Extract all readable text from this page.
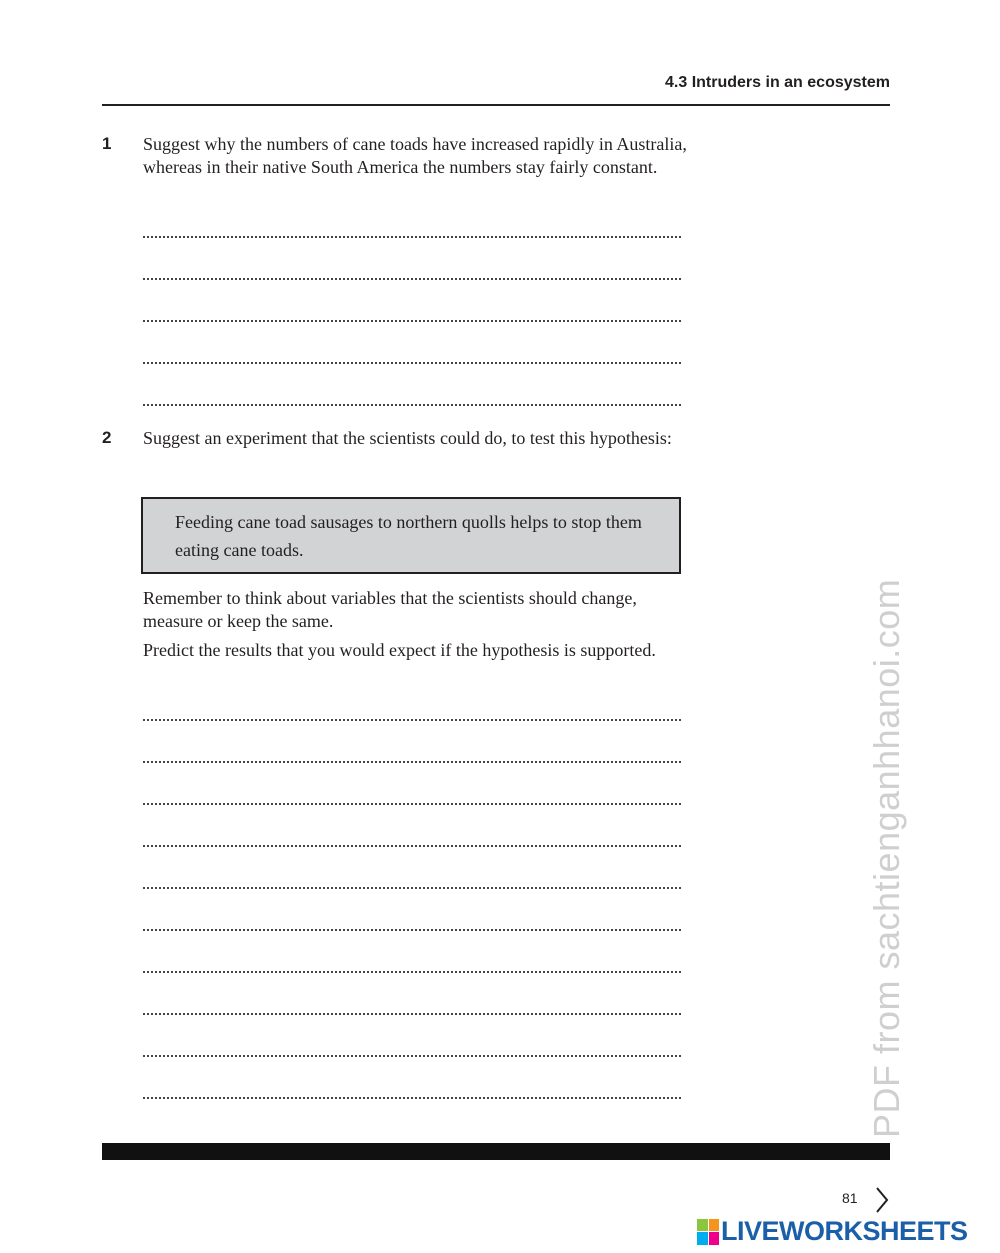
4.3 Intruders in an ecosystem
1 Suggest why the numbers of cane toads have increased rapidly in Australia, whereas in their native South America the numbers stay fairly constant.
2 Suggest an experiment that the scientists could do, to test this hypothesis:
Feeding cane toad sausages to northern quolls helps to stop them eating cane toads.
Remember to think about variables that the scientists should change, measure or keep the same.
Predict the results that you would expect if the hypothesis is supported.	PDF from sachtienganhhanoi.com
81
LIVEWORKSHEETS
